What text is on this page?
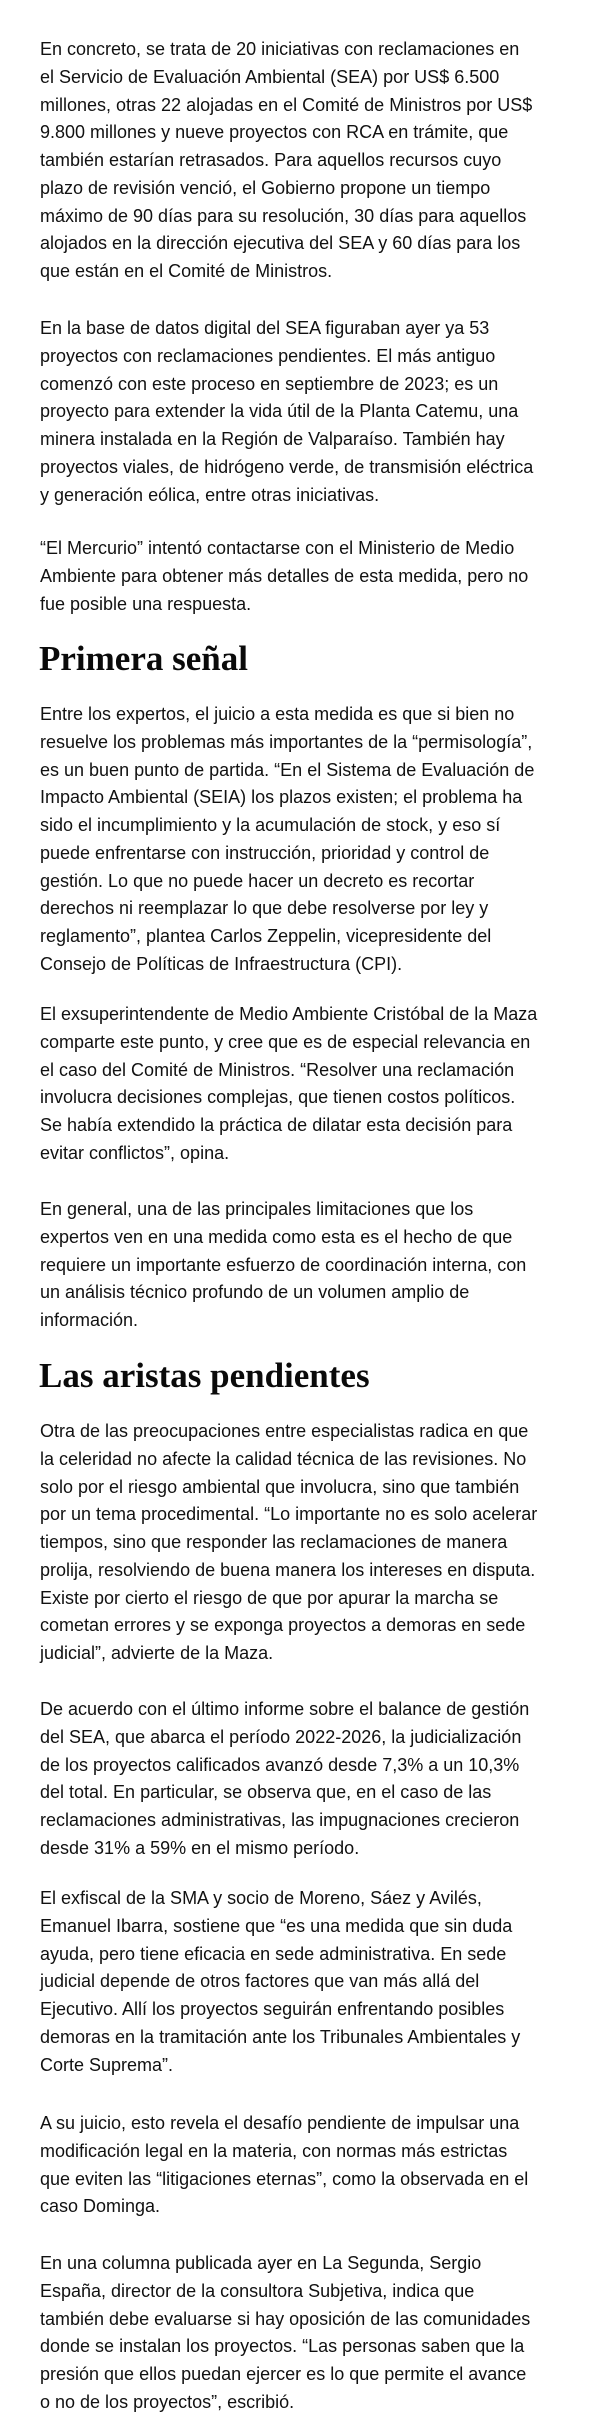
En concreto, se trata de 20 iniciativas con reclamaciones en
el Servicio de Evaluación Ambiental (SEA) por US$ 6.500
millones, otras 22 alojadas en el Comité de Ministros por US$
9.800 millones y nueve proyectos con RCA en trámite, que
también estarían retrasados. Para aquellos recursos cuyo
plazo de revisión venció, el Gobierno propone un tiempo
máximo de 90 días para su resolución, 30 días para aquellos
alojados en la dirección ejecutiva del SEA y 60 días para los
que están en el Comité de Ministros.
En la base de datos digital del SEA figuraban ayer ya 53
proyectos con reclamaciones pendientes. El más antiguo
comenzó con este proceso en septiembre de 2023; es un
proyecto para extender la vida útil de la Planta Catemu, una
minera instalada en la Región de Valparaíso. También hay
proyectos viales, de hidrógeno verde, de transmisión eléctrica
y generación eólica, entre otras iniciativas.
“El Mercurio” intentó contactarse con el Ministerio de Medio
Ambiente para obtener más detalles de esta medida, pero no
fue posible una respuesta.
Primera señal
Entre los expertos, el juicio a esta medida es que si bien no
resuelve los problemas más importantes de la “permisología”,
es un buen punto de partida. “En el Sistema de Evaluación de
Impacto Ambiental (SEIA) los plazos existen; el problema ha
sido el incumplimiento y la acumulación de stock, y eso sí
puede enfrentarse con instrucción, prioridad y control de
gestión. Lo que no puede hacer un decreto es recortar
derechos ni reemplazar lo que debe resolverse por ley y
reglamento”, plantea Carlos Zeppelin, vicepresidente del
Consejo de Políticas de Infraestructura (CPI).
El exsuperintendente de Medio Ambiente Cristóbal de la Maza
comparte este punto, y cree que es de especial relevancia en
el caso del Comité de Ministros. “Resolver una reclamación
involucra decisiones complejas, que tienen costos políticos.
Se había extendido la práctica de dilatar esta decisión para
evitar conflictos”, opina.
En general, una de las principales limitaciones que los
expertos ven en una medida como esta es el hecho de que
requiere un importante esfuerzo de coordinación interna, con
un análisis técnico profundo de un volumen amplio de
información.
Las aristas pendientes
Otra de las preocupaciones entre especialistas radica en que
la celeridad no afecte la calidad técnica de las revisiones. No
solo por el riesgo ambiental que involucra, sino que también
por un tema procedimental. “Lo importante no es solo acelerar
tiempos, sino que responder las reclamaciones de manera
prolija, resolviendo de buena manera los intereses en disputa.
Existe por cierto el riesgo de que por apurar la marcha se
cometan errores y se exponga proyectos a demoras en sede
judicial”, advierte de la Maza.
De acuerdo con el último informe sobre el balance de gestión
del SEA, que abarca el período 2022-2026, la judicialización
de los proyectos calificados avanzó desde 7,3% a un 10,3%
del total. En particular, se observa que, en el caso de las
reclamaciones administrativas, las impugnaciones crecieron
desde 31% a 59% en el mismo período.
El exfiscal de la SMA y socio de Moreno, Sáez y Avilés,
Emanuel Ibarra, sostiene que “es una medida que sin duda
ayuda, pero tiene eficacia en sede administrativa. En sede
judicial depende de otros factores que van más allá del
Ejecutivo. Allí los proyectos seguirán enfrentando posibles
demoras en la tramitación ante los Tribunales Ambientales y
Corte Suprema”.
A su juicio, esto revela el desafío pendiente de impulsar una
modificación legal en la materia, con normas más estrictas
que eviten las “litigaciones eternas”, como la observada en el
caso Dominga.
En una columna publicada ayer en La Segunda, Sergio
España, director de la consultora Subjetiva, indica que
también debe evaluarse si hay oposición de las comunidades
donde se instalan los proyectos. “Las personas saben que la
presión que ellos puedan ejercer es lo que permite el avance
o no de los proyectos”, escribió.
